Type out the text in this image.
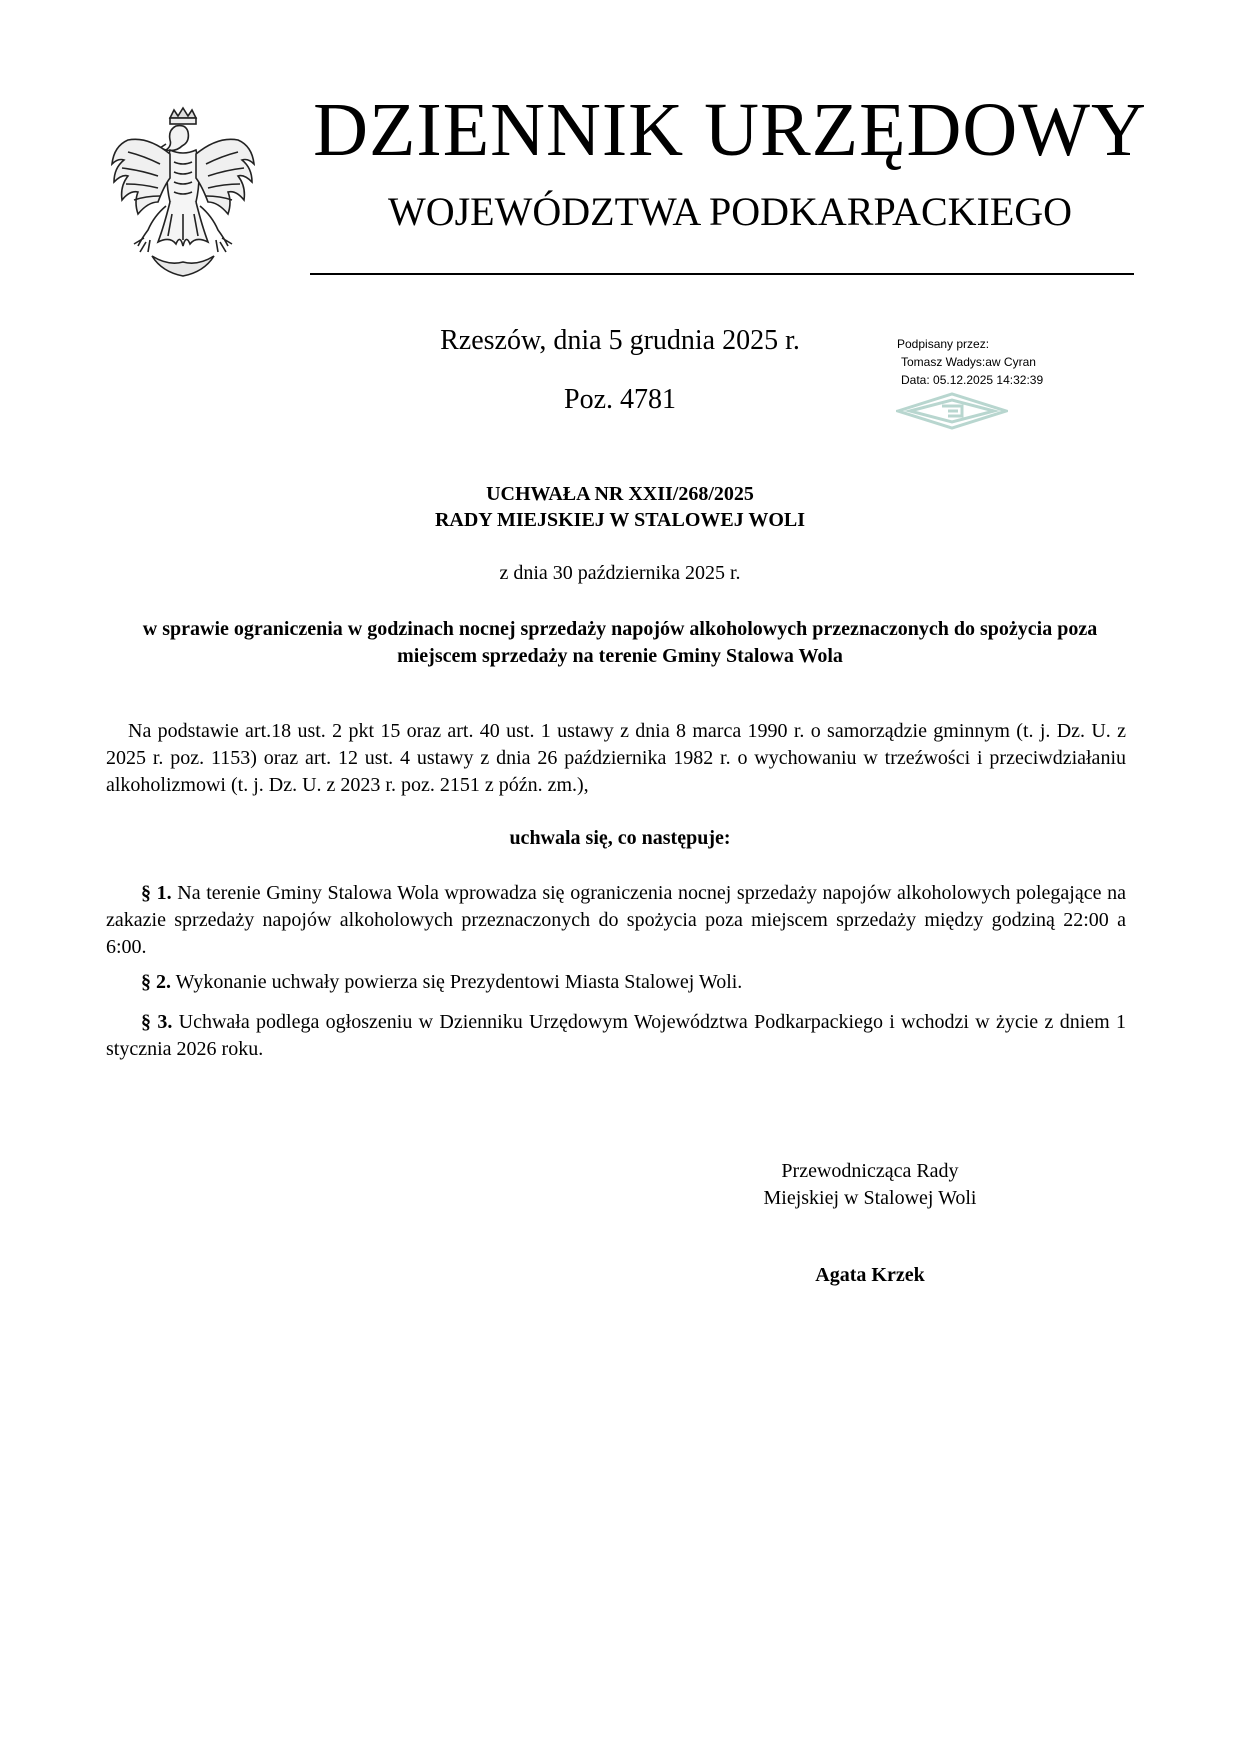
DZIENNIK URZĘDOWY
WOJEWÓDZTWA PODKARPACKIEGO
Rzeszów, dnia 5 grudnia 2025 r.
Poz. 4781
Podpisany przez:
Tomasz Wadys:aw Cyran
Data: 05.12.2025 14:32:39
UCHWAŁA NR XXII/268/2025
RADY MIEJSKIEJ W STALOWEJ WOLI
z dnia 30 października 2025 r.
w sprawie ograniczenia w godzinach nocnej sprzedaży napojów alkoholowych przeznaczonych do spożycia poza miejscem sprzedaży na terenie Gminy Stalowa Wola
Na podstawie art.18 ust. 2 pkt 15 oraz art. 40 ust. 1 ustawy z dnia 8 marca 1990 r. o samorządzie gminnym (t. j. Dz. U. z 2025 r. poz. 1153) oraz art. 12 ust. 4 ustawy z dnia 26 października 1982 r. o wychowaniu w trzeźwości i przeciwdziałaniu alkoholizmowi (t. j. Dz. U. z 2023 r. poz. 2151 z późn. zm.),
uchwala się, co następuje:
§ 1. Na terenie Gminy Stalowa Wola wprowadza się ograniczenia nocnej sprzedaży napojów alkoholowych polegające na zakazie sprzedaży napojów alkoholowych przeznaczonych do spożycia poza miejscem sprzedaży między godziną 22:00 a 6:00.
§ 2. Wykonanie uchwały powierza się Prezydentowi Miasta Stalowej Woli.
§ 3. Uchwała podlega ogłoszeniu w Dzienniku Urzędowym Województwa Podkarpackiego i wchodzi w życie z dniem 1 stycznia 2026 roku.
Przewodnicząca Rady
Miejskiej w Stalowej Woli
Agata Krzek
